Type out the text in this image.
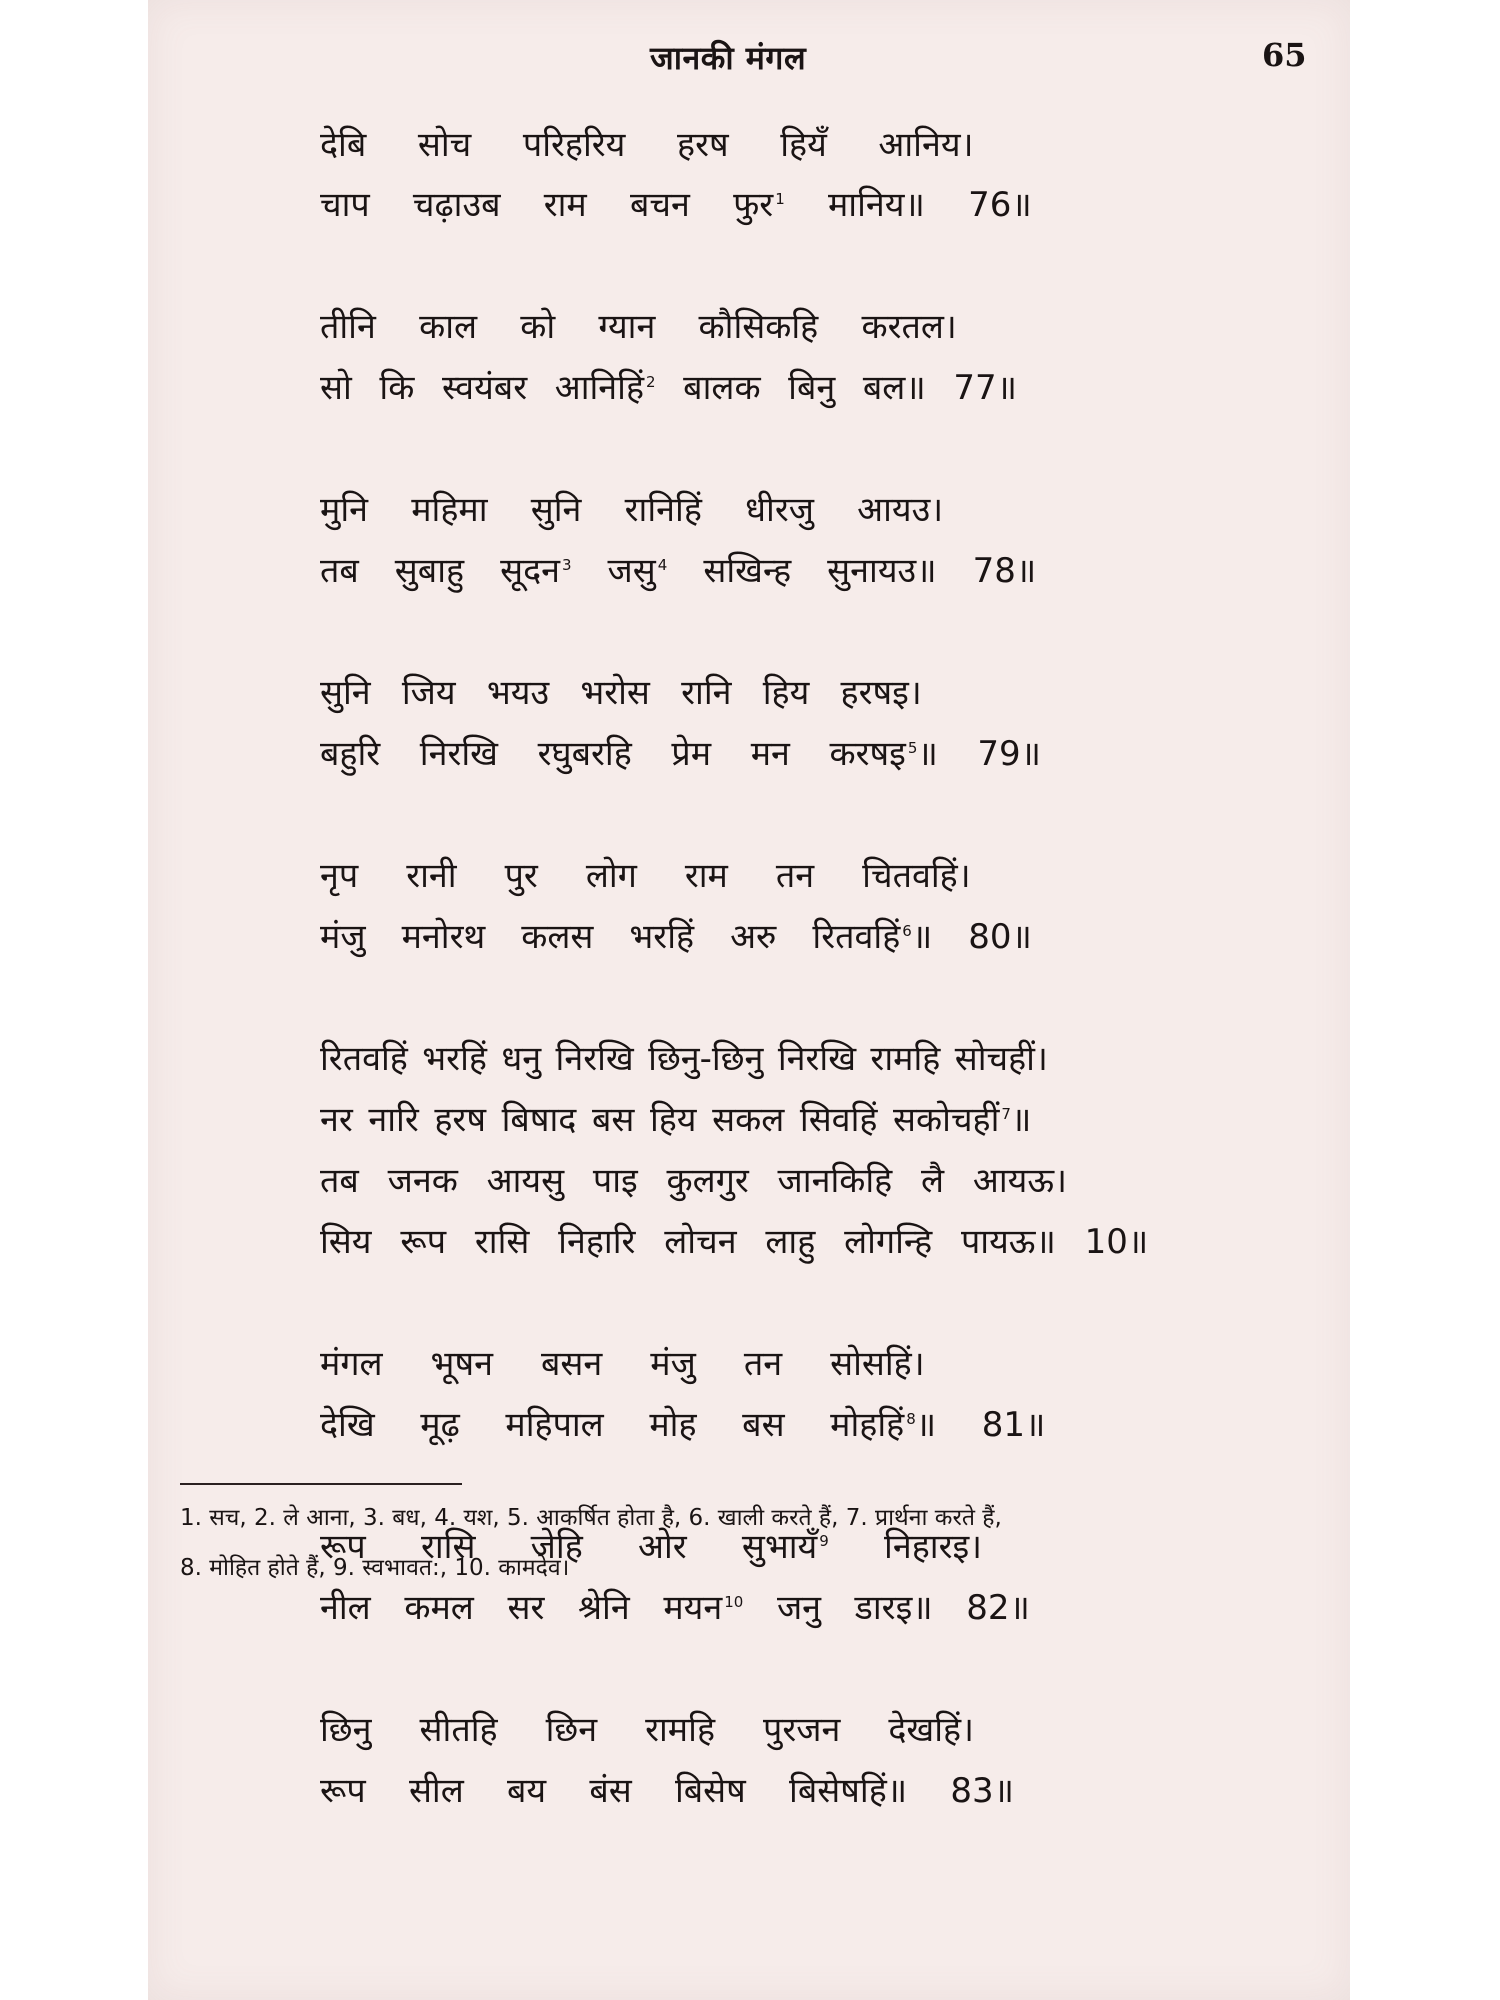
जानकी मंगल	65
देबि  सोच  परिहरिय  हरष  हियँ  आनिय।
चाप  चढ़ाउब  राम  बचन  फुर $^1$  मानिय॥  76॥
तीनि  काल  को  ग्यान  कौसिकहि  करतल।
सो  कि  स्वयंबर  आनिहिं $^2$  बालक  बिनु  बल॥  77॥
मुनि  महिमा  सुनि  रानिहिं  धीरजु  आयउ।
तब  सुबाहु  सूदन $^3$  जसु $^4$  सखिन्ह  सुनायउ॥  78॥
सुनि  जिय  भयउ  भरोस  रानि  हिय  हरषइ।
बहुरि  निरखि  रघुबरहि  प्रेम  मन  करषइ $^5$॥  79॥
नृप  रानी  पुर  लोग  राम  तन  चितवहिं।
मंजु  मनोरथ  कलस  भरहिं  अरु  रितवहिं $^6$॥  80॥
रितवहिं भरहिं धनु निरखि छिनु-छिनु निरखि रामहि सोचहीं।
नर नारि हरष बिषाद बस हिय सकल सिवहिं सकोचहीं $^7$॥
तब  जनक  आयसु  पाइ  कुलगुर  जानकिहि  लै  आयऊ।
सिय  रूप  रासि  निहारि  लोचन  लाहु  लोगन्हि  पायऊ॥  10॥
मंगल  भूषन  बसन  मंजु  तन  सोसहिं।
देखि  मूढ़  महिपाल  मोह  बस  मोहहिं $^8$॥  81॥
रूप  रासि  जेहि  ओर  सुभायँ $^9$  निहारइ।
नील  कमल  सर  श्रेनि  मयन $^{10}$  जनु  डारइ॥  82॥
छिनु  सीतहि  छिन  रामहि  पुरजन  देखहिं।
रूप  सील  बय  बंस  बिसेष  बिसेषहिं॥  83॥
1. सच, 2. ले आना, 3. बध, 4. यश, 5. आकर्षित होता है, 6. खाली करते हैं, 7. प्रार्थना करते हैं,
8. मोहित होते हैं, 9. स्वभावत:, 10. कामदेव।
